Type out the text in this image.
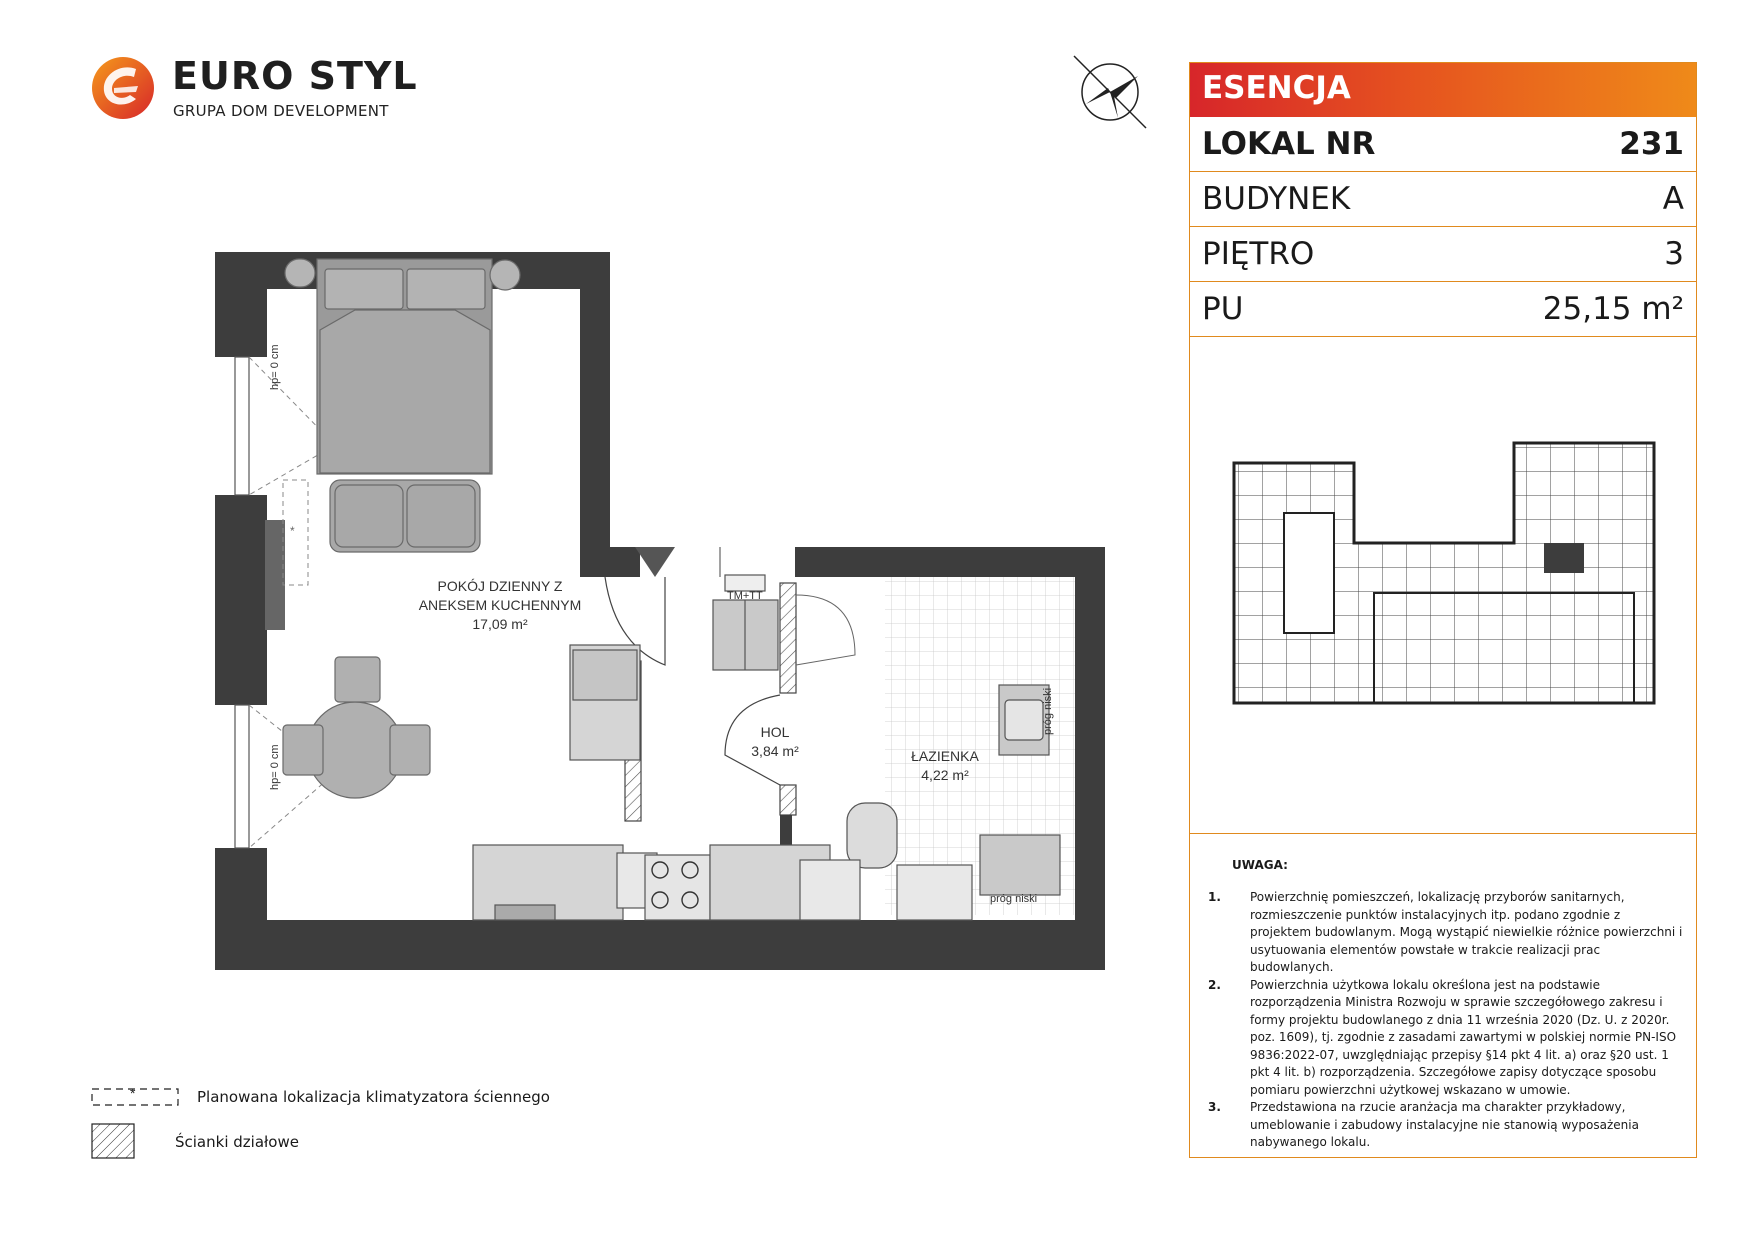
EURO STYL
GRUPA DOM DEVELOPMENT
*
POKÓJ DZIENNY Z
ANEKSEM KUCHENNYM
17,09 m²
HOL
3,84 m²	ŁAZIENKA
4,22 m²
hp= 0 cm
hp= 0 cm
TM+TT
próg niski
próg niski
ESENCJA
LOKAL NR	231
BUDYNEK	A
PIĘTRO	3
PU	25,15 m²
UWAGA:
1. Powierzchnię pomieszczeń, lokalizację przyborów sanitarnych, rozmieszczenie punktów instalacyjnych itp. podano zgodnie z projektem budowlanym. Mogą wystąpić niewielkie różnice powierzchni i usytuowania elementów powstałe w trakcie realizacji prac budowlanych.
2. Powierzchnia użytkowa lokalu określona jest na podstawie rozporządzenia Ministra Rozwoju w sprawie szczegółowego zakresu i formy projektu budowlanego z dnia 11 września 2020 (Dz. U. z 2020r. poz. 1609), tj. zgodnie z zasadami zawartymi w polskiej normie PN-ISO 9836:2022-07, uwzględniając przepisy §14 pkt 4 lit. a) oraz §20 ust. 1 pkt 4 lit. b) rozporządzenia. Szczegółowe zapisy dotyczące sposobu pomiaru powierzchni użytkowej wskazano w umowie.
3. Przedstawiona na rzucie aranżacja ma charakter przykładowy, umeblowanie i zabudowy instalacyjne nie stanowią wyposażenia nabywanego lokalu.
*	Planowana lokalizacja klimatyzatora ściennego
Ścianki działowe
